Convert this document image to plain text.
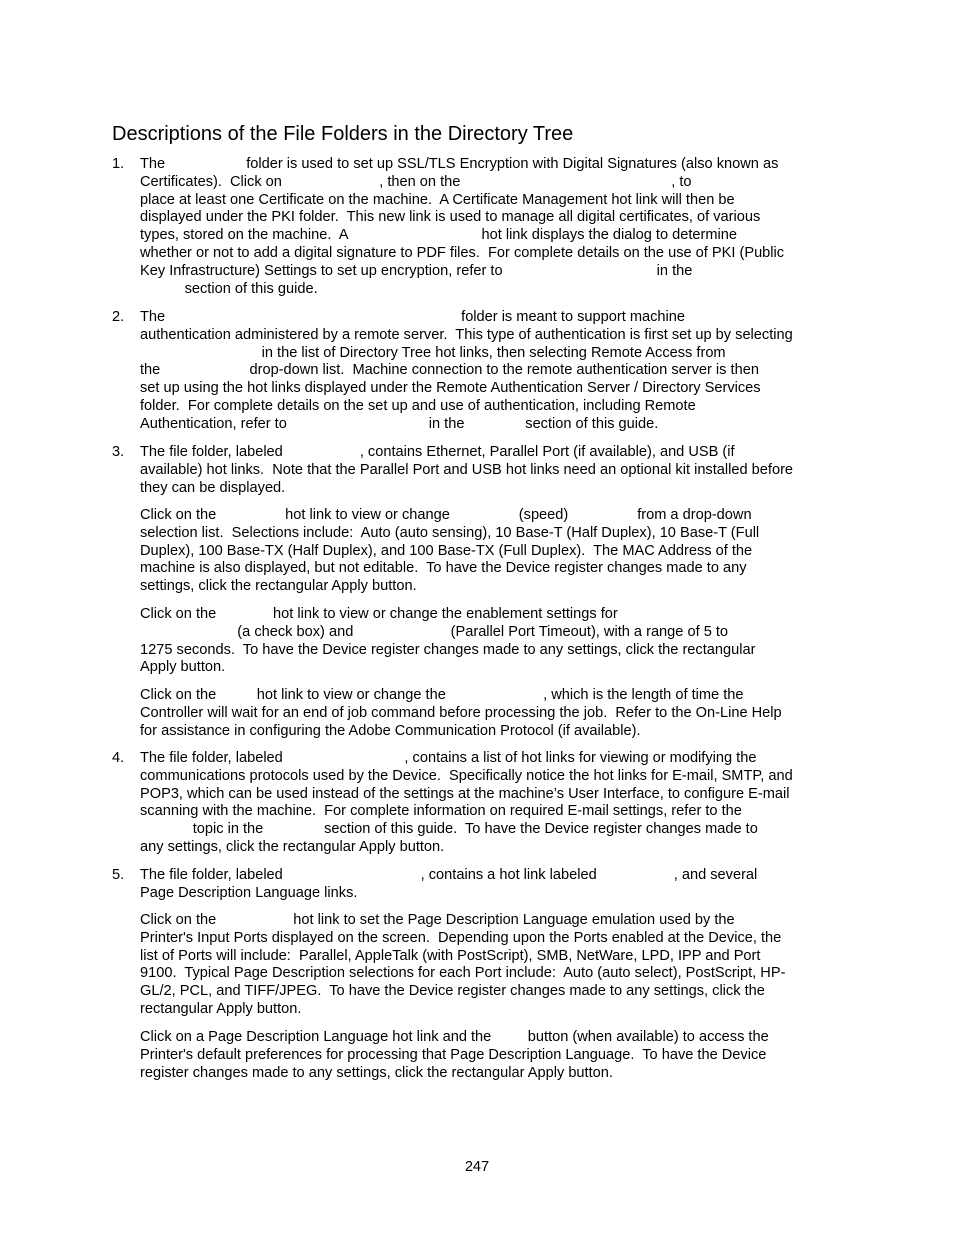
Descriptions of the File Folders in the Directory Tree
1. The                    folder is used to set up SSL/TLS Encryption with Digital Signatures (also known as
Certificates).  Click on                        , then on the                                                    , to
place at least one Certificate on the machine.  A Certificate Management hot link will then be
displayed under the PKI folder.  This new link is used to manage all digital certificates, of various
types, stored on the machine.  A                                 hot link displays the dialog to determine
whether or not to add a digital signature to PDF files.  For complete details on the use of PKI (Public
Key Infrastructure) Settings to set up encryption, refer to                                      in the
section of this guide.
2. The                                                                         folder is meant to support machine
authentication administered by a remote server.  This type of authentication is first set up by selecting
in the list of Directory Tree hot links, then selecting Remote Access from
the                      drop-down list.  Machine connection to the remote authentication server is then
set up using the hot links displayed under the Remote Authentication Server / Directory Services
folder.  For complete details on the set up and use of authentication, including Remote
Authentication, refer to                                   in the               section of this guide.
3. The file folder, labeled                   , contains Ethernet, Parallel Port (if available), and USB (if
available) hot links.  Note that the Parallel Port and USB hot links need an optional kit installed before
they can be displayed.
Click on the                 hot link to view or change                 (speed)                 from a drop-down
selection list.  Selections include:  Auto (auto sensing), 10 Base-T (Half Duplex), 10 Base-T (Full
Duplex), 100 Base-TX (Half Duplex), and 100 Base-TX (Full Duplex).  The MAC Address of the
machine is also displayed, but not editable.  To have the Device register changes made to any
settings, click the rectangular Apply button.
Click on the              hot link to view or change the enablement settings for
(a check box) and                        (Parallel Port Timeout), with a range of 5 to
1275 seconds.  To have the Device register changes made to any settings, click the rectangular
Apply button.
Click on the          hot link to view or change the                        , which is the length of time the
Controller will wait for an end of job command before processing the job.  Refer to the On-Line Help
for assistance in configuring the Adobe Communication Protocol (if available).
4. The file folder, labeled                              , contains a list of hot links for viewing or modifying the
communications protocols used by the Device.  Specifically notice the hot links for E-mail, SMTP, and
POP3, which can be used instead of the settings at the machine’s User Interface, to configure E-mail
scanning with the machine.  For complete information on required E-mail settings, refer to the
topic in the               section of this guide.  To have the Device register changes made to
any settings, click the rectangular Apply button.
5. The file folder, labeled                                  , contains a hot link labeled                   , and several
Page Description Language links.
Click on the                   hot link to set the Page Description Language emulation used by the
Printer's Input Ports displayed on the screen.  Depending upon the Ports enabled at the Device, the
list of Ports will include:  Parallel, AppleTalk (with PostScript), SMB, NetWare, LPD, IPP and Port
9100.  Typical Page Description selections for each Port include:  Auto (auto select), PostScript, HP-
GL/2, PCL, and TIFF/JPEG.  To have the Device register changes made to any settings, click the
rectangular Apply button.
Click on a Page Description Language hot link and the         button (when available) to access the
Printer's default preferences for processing that Page Description Language.  To have the Device
register changes made to any settings, click the rectangular Apply button.
247
